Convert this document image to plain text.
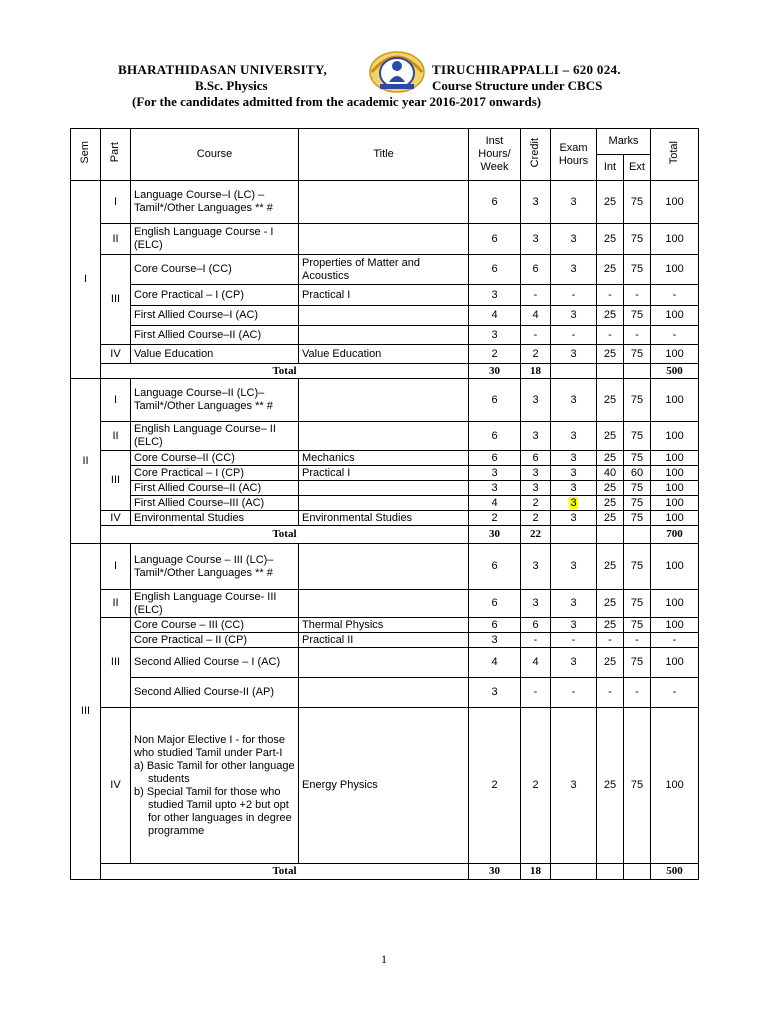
BHARATHIDASAN UNIVERSITY,	TIRUCHIRAPPALLI – 620 024.
B.Sc. Physics	Course Structure under CBCS
(For the candidates admitted from the academic year 2016-2017 onwards)
Sem	Part	Course	Title	Inst Hours/ Week	Credit	Exam Hours	Marks		Total
							Int	Ext	
I	I	Language Course–I (LC) – Tamil*/Other Languages ** #		6	3	3	25	75	100
	II	English Language Course - I (ELC)		6	3	3	25	75	100
	III	Core Course–I (CC)	Properties of Matter and Acoustics	6	6	3	25	75	100
		Core Practical – I (CP)	Practical I	3	-	-	-	-	-
		First Allied Course–I (AC)		4	4	3	25	75	100
		First Allied Course–II (AC)		3	-	-	-	-	-
	IV	Value Education	Value Education	2	2	3	25	75	100
	Total			30	18				500
II	I	Language Course–II (LC)– Tamil*/Other Languages ** #		6	3	3	25	75	100
	II	English Language Course– II (ELC)		6	3	3	25	75	100
	III	Core Course–II (CC)	Mechanics	6	6	3	25	75	100
		Core Practical – I (CP)	Practical I	3	3	3	40	60	100
		First Allied Course–II (AC)		3	3	3	25	75	100
		First Allied Course–III (AC)		4	2	3	25	75	100
	IV	Environmental Studies	Environmental Studies	2	2	3	25	75	100
	Total			30	22				700
III	I	Language Course – III (LC)–Tamil*/Other Languages ** #		6	3	3	25	75	100
	II	English Language Course- III (ELC)		6	3	3	25	75	100
	III	Core Course – III (CC)	Thermal Physics	6	6	3	25	75	100
		Core Practical – II (CP)	Practical II	3	-	-	-	-	-
		Second Allied Course – I (AC)		4	4	3	25	75	100
		Second Allied Course-II (AP)		3	-	-	-	-	-
	IV	Non Major Elective I - for those who studied Tamil under Part-I
a) Basic Tamil for other language students
b) Special Tamil for those who studied Tamil upto +2 but opt for other languages in degree programme	Energy Physics	2	2	3	25	75	100
	Total			30	18				500
1
